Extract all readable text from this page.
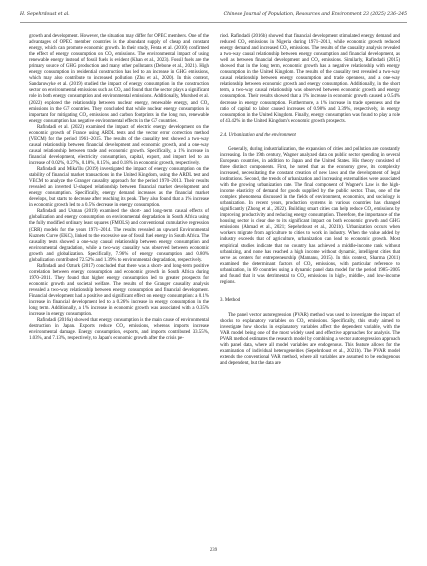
H. Sepehrdoust et al.	Chinese Journal of Population, Resources and Environment 23 (2025) 236–245

growth and development. However, the situation may differ for OPEC members. One of the advantages of OPEC member countries is the abundant supply of cheap and constant energy, which can promote economic growth. In their study, Fenta et al. (2010) confirmed the effect of energy consumption on CO₂ emissions. The environmental impact of using renewable energy instead of fossil fuels is evident (Khan et al., 2023). Fossil fuels are the primary source of GHG production and many other pollutants (Debone et al., 2021). High energy consumption in residential construction has led to an increase in GHG emissions, which may also contribute to increased pollution (Zhu et al., 2020). In this context, Sandaruwyke et al. (2019) studied the impact of energy consumption in the construction sector on environmental emissions such as CO₂ and found that the sector plays a significant role in both energy consumption and environmental emissions. Additionally, Murshed et al. (2022) explored the relationship between nuclear energy, renewable energy, and CO₂ emissions in the G7 countries. They concluded that while nuclear energy consumption is important for mitigating CO₂ emissions and carbon footprints in the long run, renewable energy consumption has negative environmental effects in the G7 countries.

Rafindadi et al. (2022) examined the impact of electric energy development on the economic growth of France using ARDL tests and the vector error correction method (VECM) for the period 1961–2015. The results of the causality test showed a two-way causal relationship between financial development and economic growth, and a one-way causal relationship between trade and economic growth. Specifically, a 1% increase in financial development, electricity consumption, capital, export, and import led to an increase of 0.02%, 0.27%, 0.18%, 0.15%, and 0.18% in economic growth, respectively.

Rafindadi and Mika'Ilu (2019) investigated the impact of energy consumption on the stability of financial market transactions in the United Kingdom, using the ARDL test and VECM to analyze the Granger causality approach for the period 1970–2013. Their results revealed an inverted U-shaped relationship between financial market development and energy consumption. Specifically, energy demand increases as the financial market develops, but starts to decrease after reaching its peak. They also found that a 1% increase in economic growth led to a 0.5% decrease in energy consumption.

Rafindadi and Usman (2019) examined the short- and long-term causal effects of globalization and energy consumption on environmental degradation in South Africa using the fully modified ordinary least squares (FMOLS) and conventional cumulative regression (CRR) models for the years 1971–2014. The results revealed an upward Environmental Kuznets Curve (EKC), linked to the excessive use of fossil fuel energy in South Africa. The causality tests showed a one-way causal relationship between energy consumption and environmental degradation, while a two-way causality was observed between economic growth and globalization. Specifically, 7.96% of energy consumption and 0.80% globalization contributed 72.52% and 1.39% to environmental degradation, respectively.

Rafindadi and Ozturk (2017) concluded that there was a short- and long-term positive correlation between energy consumption and economic growth in South Africa during 1970–2011. They found that higher energy consumption led to greater prospects for economic growth and societal welfare. The results of the Granger causality analysis revealed a two-way relationship between energy consumption and financial development. Financial development had a positive and significant effect on energy consumption: a 0.1% increase in financial development led to a 0.26% increase in energy consumption in the long term. Additionally, a 1% increase in economic growth was associated with a 0.35% increase in energy consumption.

Rafindadi (2016a) showed that energy consumption is the main cause of environmental destruction in Japan. Exports reduce CO₂ emissions, whereas imports increase environmental damage. Energy consumption, exports, and imports contributed 33.55%, 1.03%, and 7.13%, respectively, to Japan's economic growth after the crisis pe-

riod. Rafindadi (2016b) showed that financial development stimulated energy demand and reduced CO₂ emissions in Nigeria during 1971–2011, while economic growth reduced energy demand and increased CO₂ emissions. The results of the causality analysis revealed a two-way causal relationship between energy consumption and financial development, as well as between financial development and CO₂ emissions. Similarly, Rafindadi (2015) showed that in the long term, economic growth has a negative relationship with energy consumption in the United Kingdom. The results of the causality test revealed a two-way causal relationship between energy consumption and trade openness, and a one-way relationship between economic growth and energy consumption. Additionally, in the short term, a two-way causal relationship was observed between economic growth and energy consumption. Their results showed that a 1% increase in economic growth caused a 0.54% decrease in energy consumption. Furthermore, a 1% increase in trade openness and the ratio of capital to labor caused increases of 0.98% and 3.39%, respectively, in energy consumption in the United Kingdom. Finally, energy consumption was found to play a role of 43.42% in the United Kingdom's economic growth prospects.

2.4. Urbanization and the environment

Generally, during industrialization, the expansion of cities and pollution are constantly increasing. In the 19th century, Wagner analyzed data on public sector spending in several European countries, in addition to Japan and the United States. His theory consisted of three distinct components. First, he noted that as the economy grew, its complexity increased, necessitating the constant creation of new laws and the development of legal institutions. Second, the trends of urbanization and increasing externalities were associated with the growing urbanization rate. The final component of Wagner's Law is the high-income elasticity of demand for goods supplied by the public sector. Thus, one of the complex phenomena discussed in the fields of environment, economics, and sociology is urbanization. In recent years, production systems in various countries has changed significantly (Zhong et al., 2022). Building smart cities can help reduce CO₂ emissions by improving productivity and reducing energy consumption. Therefore, the importance of the housing sector is clear due to its significant impact on both economic growth and GHG emissions (Ahmad et al., 2021; Sepehrdoust et al., 2021b). Urbanization occurs when workers migrate from agriculture to cities to work in industry. When the value added by industry exceeds that of agriculture, urbanization can lead to economic growth. Most empirical studies indicate that no country has achieved a middle-income rank without urbanizing, and none has reached a high income without dynamic, intelligent cities that serve as centers for entrepreneurship (Mamanu, 2015). In this context, Sharma (2011) examined the determinant factors of CO₂ emissions, with particular reference to urbanization, in 69 countries using a dynamic panel data model for the period 1985–2005 and found that it was detrimental to CO₂ emissions in high-, middle-, and low-income regions.

3. Method

The panel vector autoregression (PVAR) method was used to investigate the impact of shocks to explanatory variables on CO₂ emissions. Specifically, this study aimed to investigate how shocks in explanatory variables affect the dependent variable, with the VAR model being one of the most widely used and effective approaches for analysis. The PVAR method estimates the research model by combining a vector autoregression approach with panel data, where all model variables are endogenous. This feature allows for the examination of individual heterogeneities (Sepehrdoust et al., 2021b). The PVAR model extends the conventional VAR method, where all variables are assumed to be endogenous and dependent, but the data are

239
